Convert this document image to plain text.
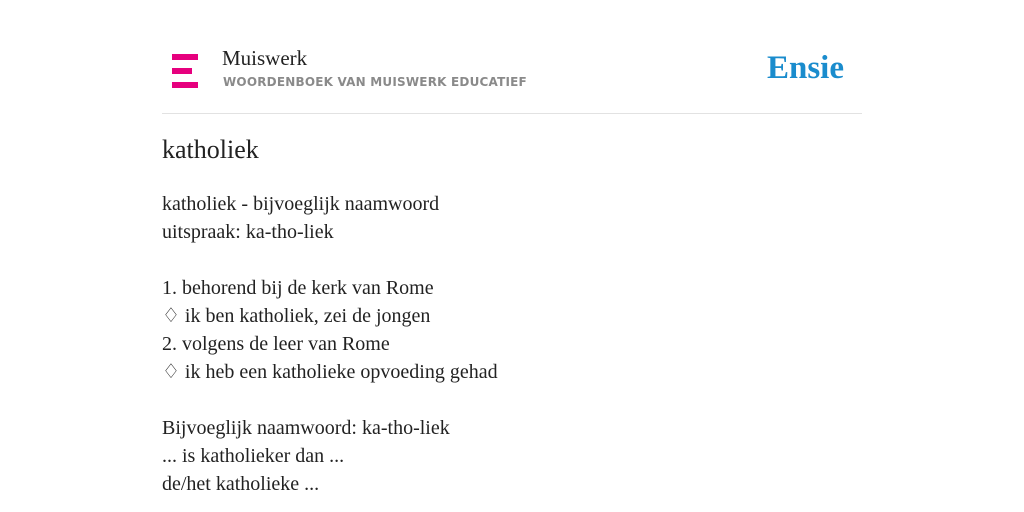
Muiswerk
WOORDENBOEK VAN MUISWERK EDUCATIEF	Ensie
katholiek
katholiek - bijvoeglijk naamwoord
uitspraak: ka-tho-liek
1. behorend bij de kerk van Rome
♢ ik ben katholiek, zei de jongen
2. volgens de leer van Rome
♢ ik heb een katholieke opvoeding gehad
Bijvoeglijk naamwoord: ka-tho-liek
... is katholieker dan ...
de/het katholieke ...
